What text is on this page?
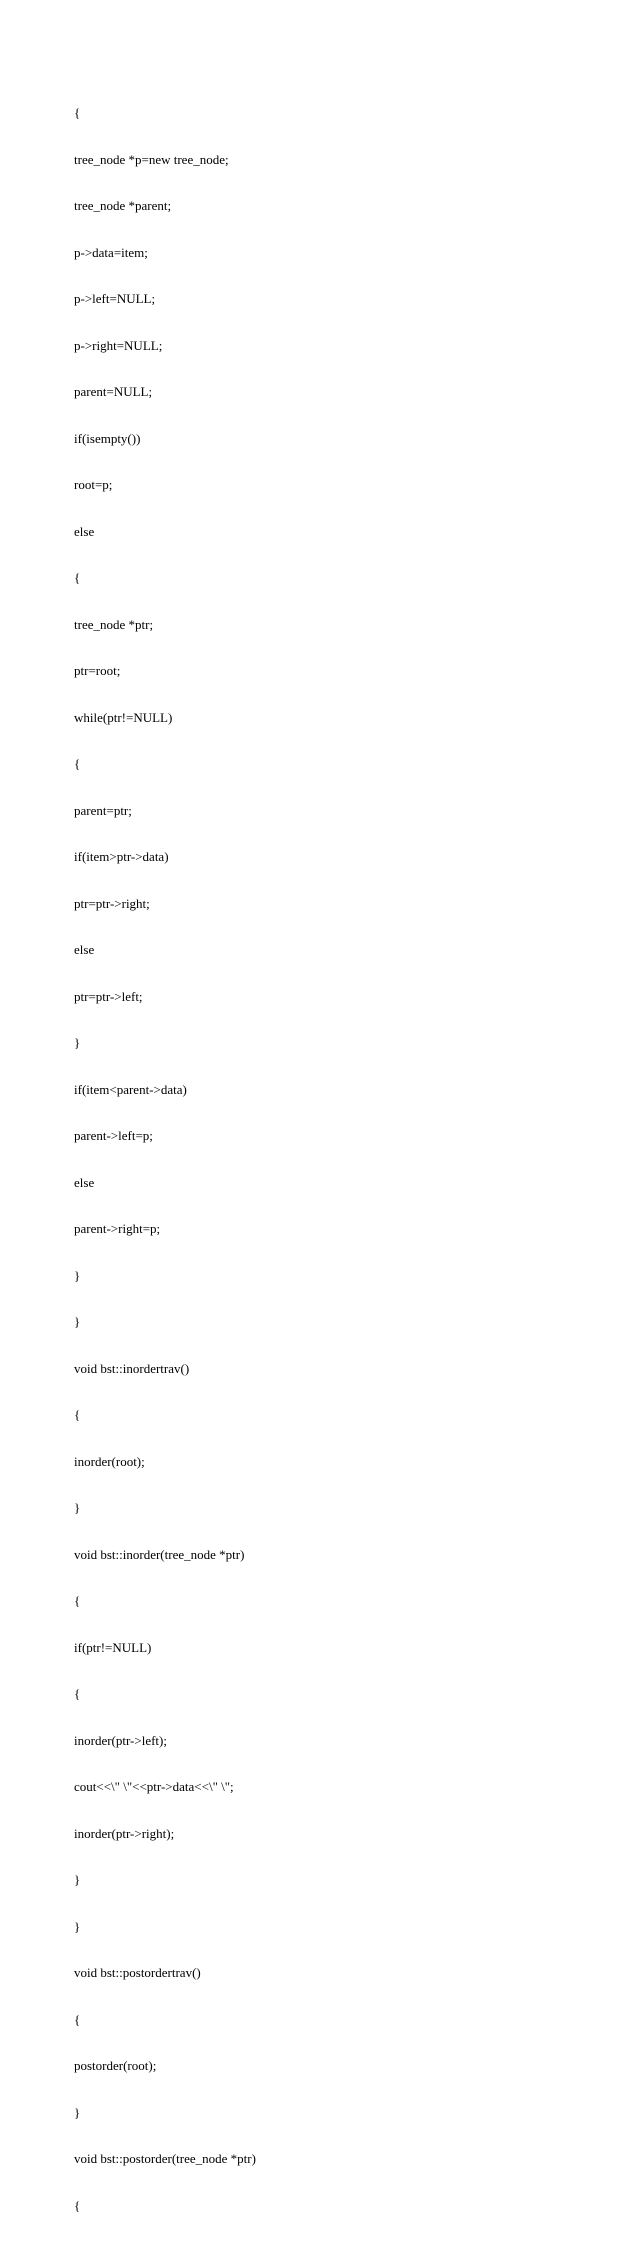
{

tree_node *p=new tree_node;

tree_node *parent;

p->data=item;

p->left=NULL;

p->right=NULL;

parent=NULL;

if(isempty())

root=p;

else

{

tree_node *ptr;

ptr=root;

while(ptr!=NULL)

{

parent=ptr;

if(item>ptr->data)

ptr=ptr->right;

else

ptr=ptr->left;

}

if(item<parent->data)

parent->left=p;

else

parent->right=p;

}

}

void bst::inordertrav()

{

inorder(root);

}

void bst::inorder(tree_node *ptr)

{

if(ptr!=NULL)

{

inorder(ptr->left);

cout<<\" \"<<ptr->data<<\" \";

inorder(ptr->right);

}

}

void bst::postordertrav()

{

postorder(root);

}

void bst::postorder(tree_node *ptr)

{
